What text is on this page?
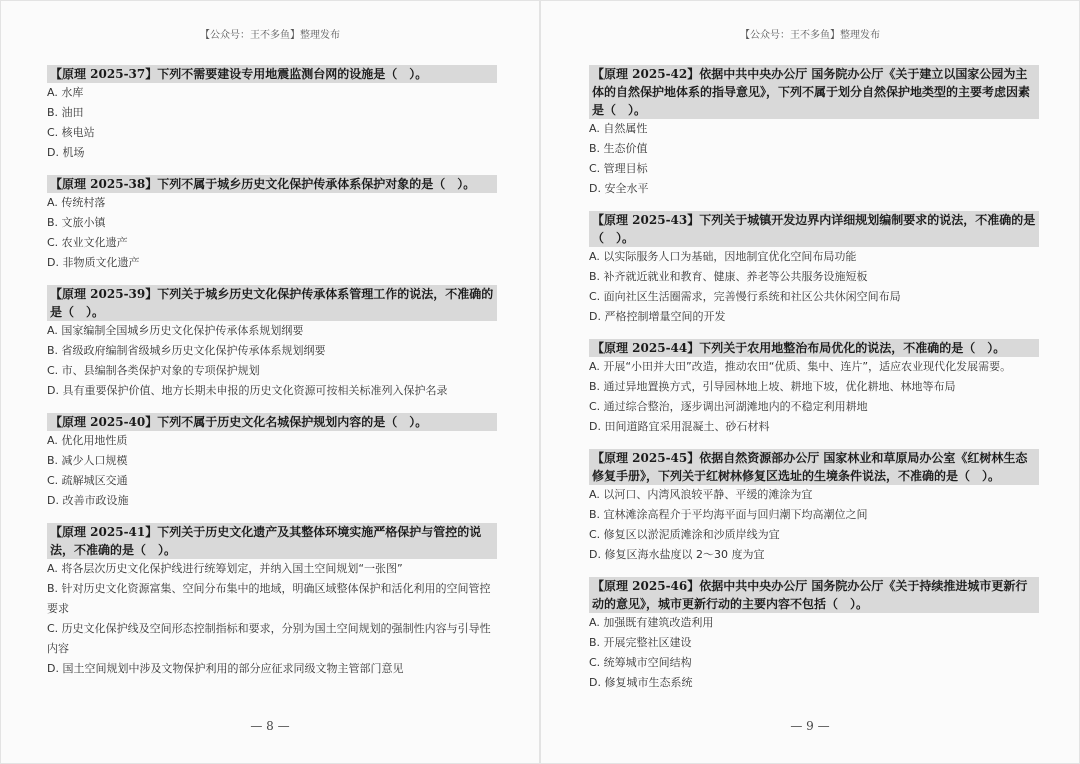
【公众号：王不多鱼】整理发布
【原理 2025-37】下列不需要建设专用地震监测台网的设施是（　）。
A. 水库
B. 油田
C. 核电站
D. 机场
【原理 2025-38】下列不属于城乡历史文化保护传承体系保护对象的是（　）。
A. 传统村落
B. 文旅小镇
C. 农业文化遗产
D. 非物质文化遗产
【原理 2025-39】下列关于城乡历史文化保护传承体系管理工作的说法，不准确的是（　）。
A. 国家编制全国城乡历史文化保护传承体系规划纲要
B. 省级政府编制省级城乡历史文化保护传承体系规划纲要
C. 市、县编制各类保护对象的专项保护规划
D. 具有重要保护价值、地方长期未申报的历史文化资源可按相关标准列入保护名录
【原理 2025-40】下列不属于历史文化名城保护规划内容的是（　）。
A. 优化用地性质
B. 减少人口规模
C. 疏解城区交通
D. 改善市政设施
【原理 2025-41】下列关于历史文化遗产及其整体环境实施严格保护与管控的说法，不准确的是（　）。
A. 将各层次历史文化保护线进行统筹划定，并纳入国土空间规划“一张图”
B. 针对历史文化资源富集、空间分布集中的地域，明确区域整体保护和活化利用的空间管控要求
C. 历史文化保护线及空间形态控制指标和要求，分别为国土空间规划的强制性内容与引导性内容
D. 国土空间规划中涉及文物保护利用的部分应征求同级文物主管部门意见
— 8 —
【公众号：王不多鱼】整理发布
【原理 2025-42】依据中共中央办公厅 国务院办公厅《关于建立以国家公园为主体的自然保护地体系的指导意见》，下列不属于划分自然保护地类型的主要考虑因素是（　）。
A. 自然属性
B. 生态价值
C. 管理目标
D. 安全水平
【原理 2025-43】下列关于城镇开发边界内详细规划编制要求的说法，不准确的是（　）。
A. 以实际服务人口为基础，因地制宜优化空间布局功能
B. 补齐就近就业和教育、健康、养老等公共服务设施短板
C. 面向社区生活圈需求，完善慢行系统和社区公共休闲空间布局
D. 严格控制增量空间的开发
【原理 2025-44】下列关于农用地整治布局优化的说法，不准确的是（　）。
A. 开展“小田并大田”改造，推动农田“优质、集中、连片”，适应农业现代化发展需要。
B. 通过异地置换方式，引导园林地上坡、耕地下坡，优化耕地、林地等布局
C. 通过综合整治，逐步调出河湖滩地内的不稳定利用耕地
D. 田间道路宜采用混凝土、砂石材料
【原理 2025-45】依据自然资源部办公厅 国家林业和草原局办公室《红树林生态修复手册》，下列关于红树林修复区选址的生境条件说法，不准确的是（　）。
A. 以河口、内湾风浪较平静、平缓的滩涂为宜
B. 宜林滩涂高程介于平均海平面与回归潮下均高潮位之间
C. 修复区以淤泥质滩涂和沙质岸线为宜
D. 修复区海水盐度以 2～30 度为宜
【原理 2025-46】依据中共中央办公厅 国务院办公厅《关于持续推进城市更新行动的意见》，城市更新行动的主要内容不包括（　）。
A. 加强既有建筑改造利用
B. 开展完整社区建设
C. 统筹城市空间结构
D. 修复城市生态系统
— 9 —
